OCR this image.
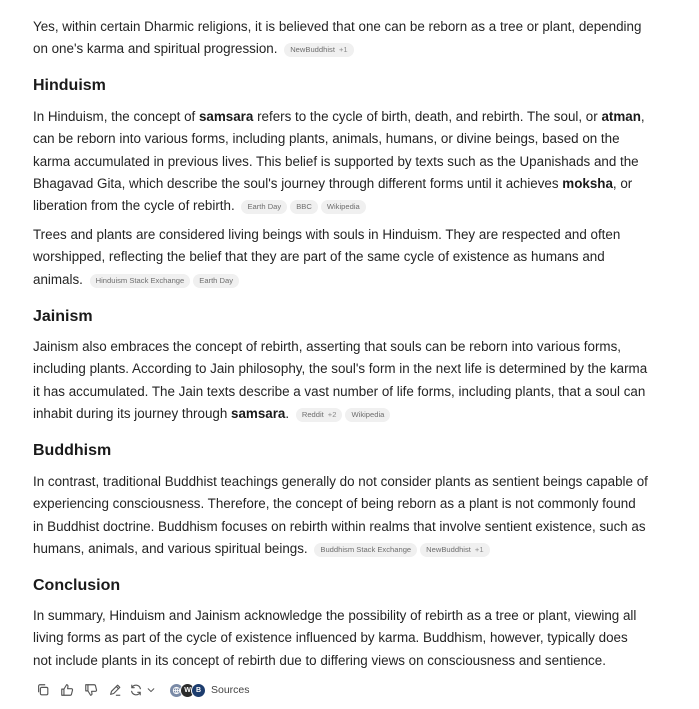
Yes, within certain Dharmic religions, it is believed that one can be reborn as a tree or plant, depending on one's karma and spiritual progression. NewBuddhist +1

Hinduism

In Hinduism, the concept of samsara refers to the cycle of birth, death, and rebirth. The soul, or atman, can be reborn into various forms, including plants, animals, humans, or divine beings, based on the karma accumulated in previous lives. This belief is supported by texts such as the Upanishads and the Bhagavad Gita, which describe the soul's journey through different forms until it achieves moksha, or liberation from the cycle of rebirth. Earth Day BBC Wikipedia

Trees and plants are considered living beings with souls in Hinduism. They are respected and often worshipped, reflecting the belief that they are part of the same cycle of existence as humans and animals. Hinduism Stack Exchange Earth Day

Jainism

Jainism also embraces the concept of rebirth, asserting that souls can be reborn into various forms, including plants. According to Jain philosophy, the soul's form in the next life is determined by the karma it has accumulated. The Jain texts describe a vast number of life forms, including plants, that a soul can inhabit during its journey through samsara. Reddit +2 Wikipedia

Buddhism

In contrast, traditional Buddhist teachings generally do not consider plants as sentient beings capable of experiencing consciousness. Therefore, the concept of being reborn as a plant is not commonly found in Buddhist doctrine. Buddhism focuses on rebirth within realms that involve sentient existence, such as humans, animals, and various spiritual beings. Buddhism Stack Exchange NewBuddhist +1

Conclusion

In summary, Hinduism and Jainism acknowledge the possibility of rebirth as a tree or plant, viewing all living forms as part of the cycle of existence influenced by karma. Buddhism, however, typically does not include plants in its concept of rebirth due to differing views on consciousness and sentience.

W B Sources
